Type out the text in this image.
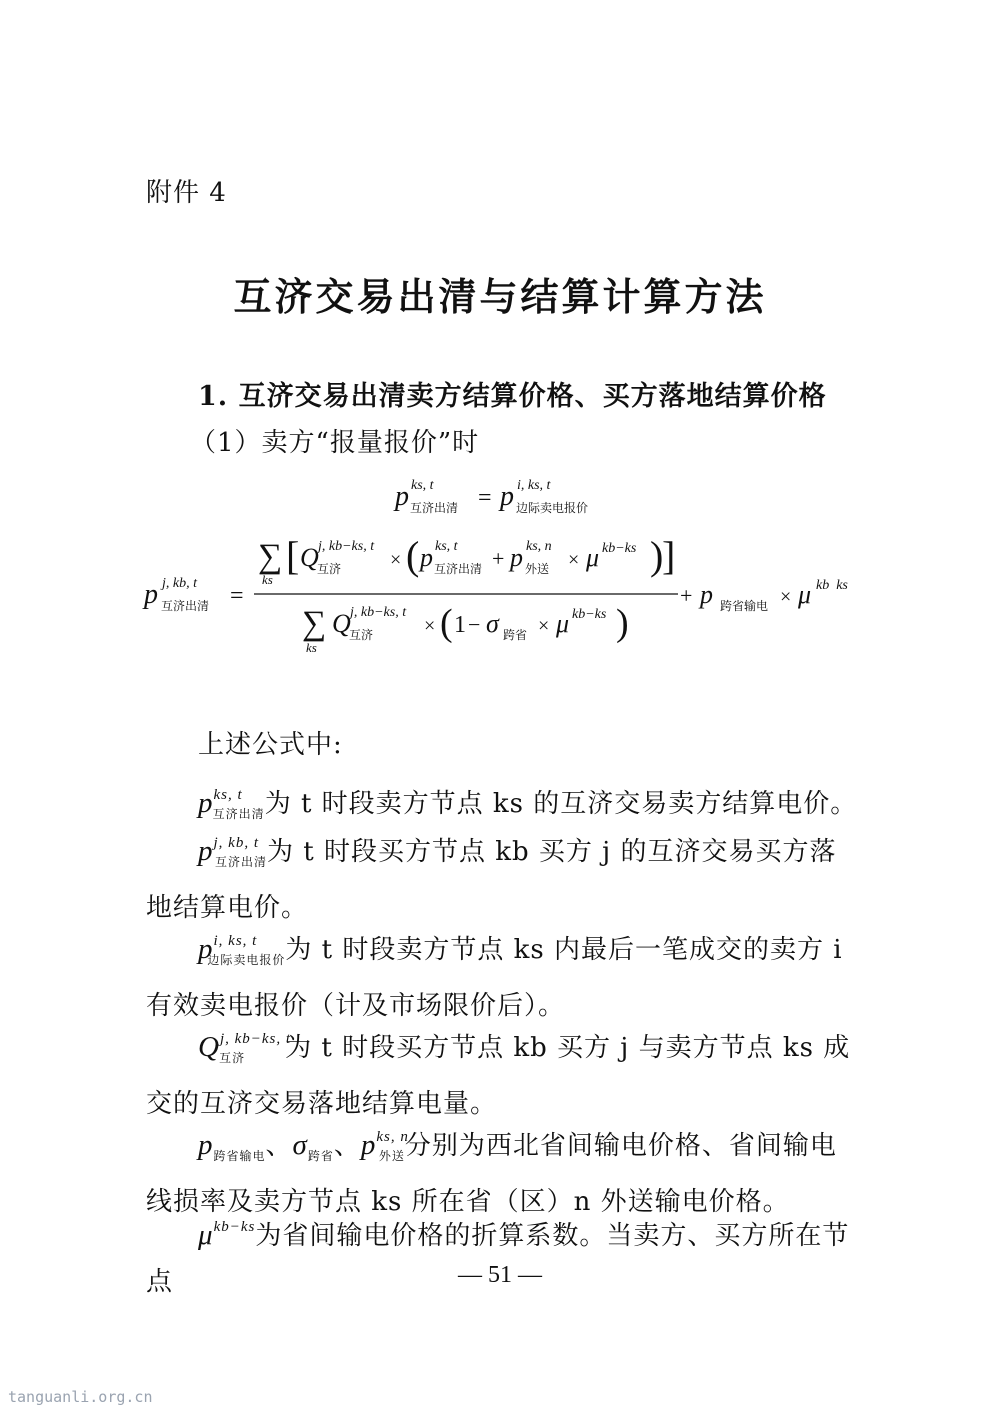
附件 4
互济交易出清与结算计算方法
1. 互济交易出清卖方结算价格、买方落地结算价格
（1）卖方“报量报价”时
p ks, t
互济出清 = p i, ks, t
边际卖电报价
p j, kb, t
互济出清 =
∑
ks
[ Q j, kb−ks, t
互济 × ( p ks, t
互济出清 + p ks, n
外送 × μ kb−ks )
]
∑
ks
Q j, kb−ks, t
互济	× ( 1 − σ 跨省 × μ kb−ks )
+ p 跨省输电 × μ kb  ks
上述公式中:
$p^{ks, t}_{互济出清}$为 t 时段卖方节点 ks 的互济交易卖方结算电价。
$p^{j, kb, t}_{互济出清}$为 t 时段买方节点 kb 买方 j 的互济交易买方落地结算电价。
$p^{i, ks, t}_{边际卖电报价}$为 t 时段卖方节点 ks 内最后一笔成交的卖方 i 有效卖电报价（计及市场限价后）。
$Q^{j, kb-ks, t}_{互济}$ 为 t 时段买方节点 kb 买方 j 与卖方节点 ks 成交的互济交易落地结算电量。
$p_{跨省输电}$、$\sigma_{跨省}$、$p^{ks, n}_{外送}$分别为西北省间输电价格、省间输电线损率及卖方节点 ks 所在省（区）n 外送输电价格。
$\mu^{kb-ks}$为省间输电价格的折算系数。当卖方、买方所在节点	— 51 —
tanguanli.org.cn
